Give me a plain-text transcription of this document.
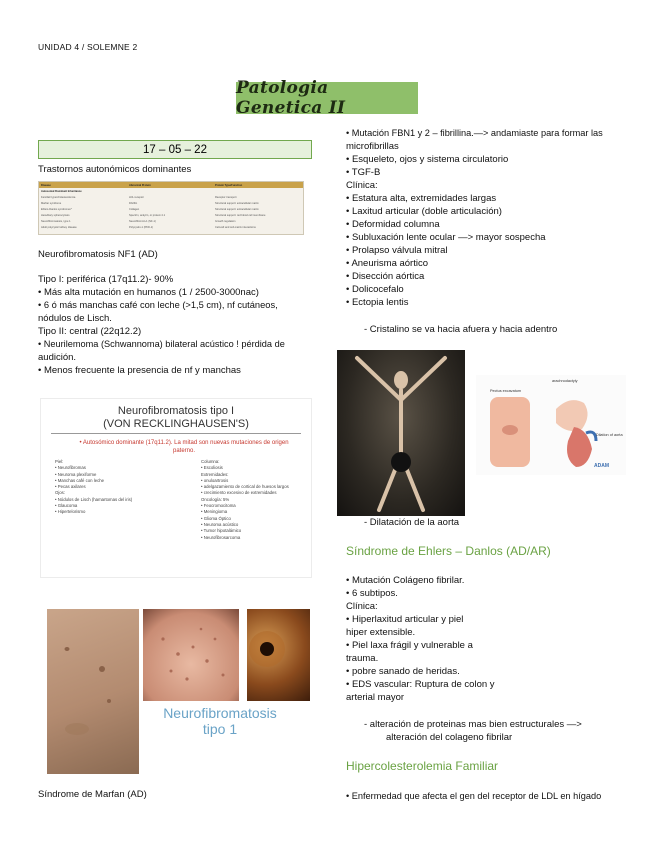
UNIDAD 4 / SOLEMNE 2
Patologia Genetica II
17 – 05 – 22
Trastornos autonómicos dominantes
Disease	Abnormal Protein	Protein Type/Function
Autosomal Dominant Inheritance
Familial hypercholesterolemia	LDL receptor	Receptor transport
Marfan syndrome	Fibrillin	Structural support: extracellular matrix
Ehlers-Danlos syndromes*	Collagen	Structural support: extracellular matrix
Hereditary spherocytosis	Spectrin, ankyrin, or protein 4.1	Structural support: red blood cell membrane
Neurofibromatosis, type 1	Neurofibromin-1 (NF-1)	Growth regulation
Adult polycystic kidney disease	Polycystin-1 (PKD-1)	Cell-cell and cell-matrix interactions
Neurofibromatosis NF1 (AD)
Tipo I: periférica (17q11.2)- 90%
• Más alta mutación en humanos (1 / 2500-3000nac)
• 6 ó más manchas café con leche (>1,5 cm), nf cutáneos,
nódulos de Lisch.
Tipo II: central (22q12.2)
• Neurilemoma (Schwannoma) bilateral acústico ! pérdida de
audición.
• Menos frecuente la presencia de nf y manchas
Neurofibromatosis tipo I
(VON RECKLINGHAUSEN'S)
• Autosómico dominante (17q11.2). La mitad son nuevas mutaciones de origen paterno.
Piel:
• Neurofibromas
• Neuroma plexiforme
• Manchas café con leche
• Pecas axilares
Ojos:
• Nódulos de Lisch (hamartomas del iris)
• Glaucoma
• Hipertelorismo
Columna:
• Escoliosis
Extremidades:
• onuloartrosis
• adelgazamiento de cortical de huesos largos
• crecimiento excesivo de extremidades
Oncología: 5%
• Feocromocitoma
• Meningioma
• Glioma Óptico
• Neuroma acústico
• Tumor hipotalámico
• Neurofibrosarcoma
Neurofibromatosis
tipo 1
Síndrome de Marfan (AD)
• Mutación FBN1 y 2 – fibrillina.—> andamiaste para formar las
microfibrillas
• Esqueleto, ojos y sistema circulatorio
• TGF-B
Clínica:
• Estatura alta, extremidades largas
• Laxitud articular (doble articulación)
• Deformidad columna
• Subluxación lente ocular —> mayor sospecha
• Prolapso válvula mitral
• Aneurisma aórtico
• Disección aórtica
• Dolicocefalo
• Ectopia lentis
- Cristalino se va hacia afuera y hacia adentro
Pectus excavatum
arachnodactyly
Dilation of aorta
ADAM
- Dilatación de la aorta
Síndrome de Ehlers – Danlos (AD/AR)
• Mutación Colágeno fibrilar.
• 6 subtipos.
Clínica:
• Hiperlaxitud articular y piel
hiper extensible.
• Piel laxa frágil y vulnerable a
trauma.
• pobre sanado de heridas.
• EDS vascular: Ruptura de colon y
arterial mayor
- alteración de proteinas mas bien estructurales —>
alteración del colageno fibrilar
Hipercolesterolemia Familiar
• Enfermedad que afecta el gen del receptor de LDL en hígado
